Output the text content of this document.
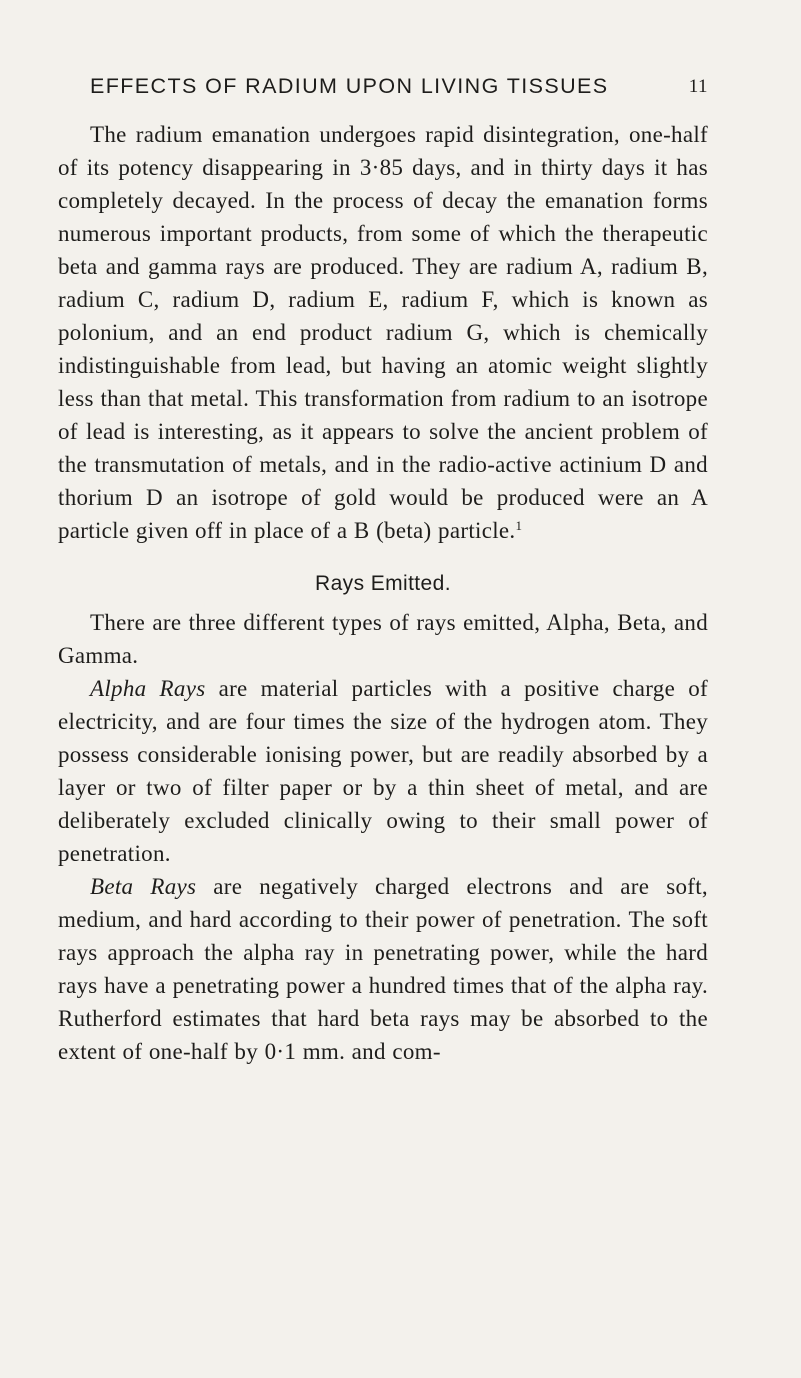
EFFECTS OF RADIUM UPON LIVING TISSUES	11

The radium emanation undergoes rapid disintegration, one-half of its potency disappearing in 3·85 days, and in thirty days it has completely decayed. In the process of decay the emanation forms numerous important products, from some of which the therapeutic beta and gamma rays are produced. They are radium A, radium B, radium C, radium D, radium E, radium F, which is known as polonium, and an end product radium G, which is chemically indistinguishable from lead, but having an atomic weight slightly less than that metal. This transformation from radium to an isotrope of lead is interesting, as it appears to solve the ancient problem of the transmutation of metals, and in the radio-active actinium D and thorium D an isotrope of gold would be produced were an A particle given off in place of a B (beta) particle.$^1$

Rays Emitted.

There are three different types of rays emitted, Alpha, Beta, and Gamma.

Alpha Rays are material particles with a positive charge of electricity, and are four times the size of the hydrogen atom. They possess considerable ionising power, but are readily absorbed by a layer or two of filter paper or by a thin sheet of metal, and are deliberately excluded clinically owing to their small power of penetration.

Beta Rays are negatively charged electrons and are soft, medium, and hard according to their power of penetration. The soft rays approach the alpha ray in penetrating power, while the hard rays have a penetrating power a hundred times that of the alpha ray. Rutherford estimates that hard beta rays may be absorbed to the extent of one-half by 0·1 mm. and com-
